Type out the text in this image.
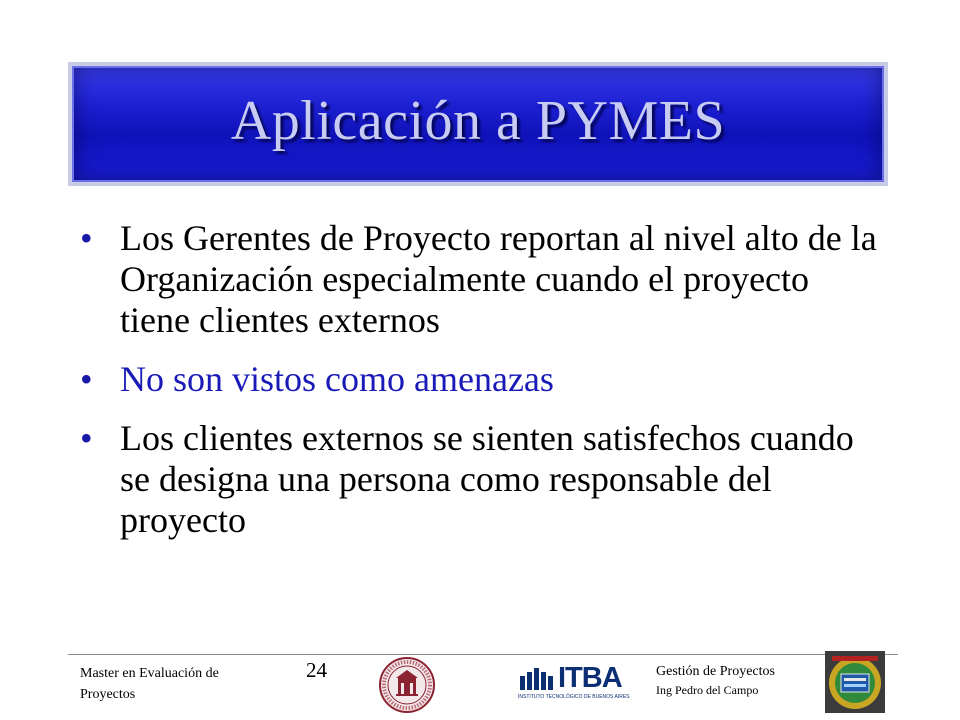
Aplicación a PYMES
• Los Gerentes de Proyecto reportan al nivel alto de la Organización especialmente cuando el proyecto tiene clientes externos
• No son vistos como amenazas
• Los clientes externos se sienten satisfechos cuando se designa una persona como responsable del proyecto
Master en Evaluación de Proyectos
24	ITBA
INSTITUTO TECNOLÓGICO DE BUENOS AIRES
Gestión de Proyectos
Ing Pedro del Campo
